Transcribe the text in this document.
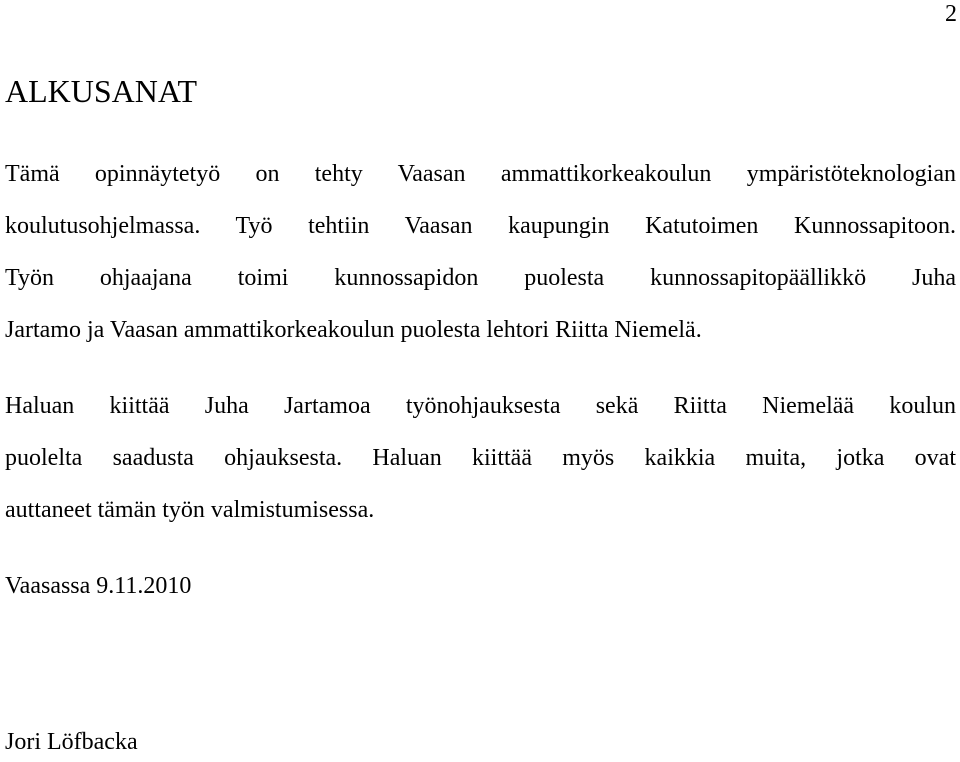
2
ALKUSANAT
Tämä opinnäytetyö on tehty Vaasan ammattikorkeakoulun ympäristöteknologian
koulutusohjelmassa. Työ tehtiin Vaasan kaupungin Katutoimen Kunnossapitoon.
Työn ohjaajana toimi kunnossapidon puolesta kunnossapitopäällikkö Juha
Jartamo ja Vaasan ammattikorkeakoulun puolesta lehtori Riitta Niemelä.
Haluan kiittää Juha Jartamoa työnohjauksesta sekä Riitta Niemelää koulun
puolelta saadusta ohjauksesta. Haluan kiittää myös kaikkia muita, jotka ovat
auttaneet tämän työn valmistumisessa.
Vaasassa 9.11.2010
Jori Löfbacka
